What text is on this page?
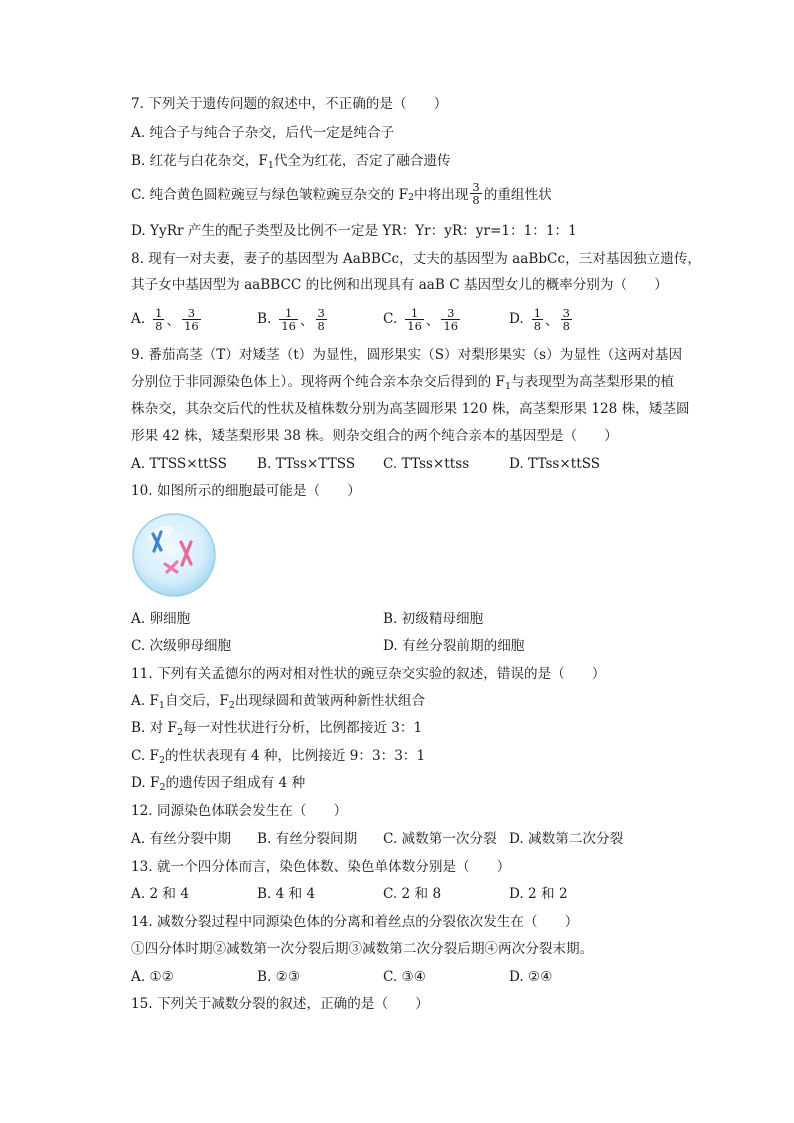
7. 下列关于遗传问题的叙述中，不正确的是（　　）
A. 纯合子与纯合子杂交，后代一定是纯合子
B. 红花与白花杂交，$F_1$代全为红花，否定了融合遗传
C. 纯合黄色圆粒豌豆与绿色皱粒豌豆杂交的 F 2 中将出现 $\frac{3}{8}$ 的重组性状
D. YyRr 产生的配子类型及比例不一定是 YR：Yr：yR：yr=1：1：1：1
8. 现有一对夫妻，妻子的基因型为 AaBBCc，丈夫的基因型为 aaBbCc，三对基因独立遗传，
其子女中基因型为 aaBBCC 的比例和出现具有 aaB C 基因型女儿的概率分别为（　　）
A. $\frac{1}{8}$ 、 $\frac{3}{16}$	B. $\frac{1}{16}$ 、 $\frac{3}{8}$	C. $\frac{1}{16}$ 、 $\frac{3}{16}$	D. $\frac{1}{8}$ 、 $\frac{3}{8}$
9. 番茄高茎（T）对矮茎（t）为显性，圆形果实（S）对梨形果实（s）为显性（这两对基因
分别位于非同源染色体上）。现将两个纯合亲本杂交后得到的 $F_1$与表现型为高茎梨形果的植
株杂交，其杂交后代的性状及植株数分别为高茎圆形果 120 株，高茎梨形果 128 株，矮茎圆
形果 42 株，矮茎梨形果 38 株。则杂交组合的两个纯合亲本的基因型是（　　）
A. TTSS×ttSS B. TTss×TTSS C. TTss×ttss	D. TTss×ttSS
10. 如图所示的细胞最可能是（　　）
A. 卵细胞	B. 初级精母细胞
C. 次级卵母细胞	D. 有丝分裂前期的细胞
11. 下列有关孟德尔的两对相对性状的豌豆杂交实验的叙述，错误的是（　　）
A. $F_1$自交后，$F_2$出现绿圆和黄皱两种新性状组合
B. 对 $F_2$每一对性状进行分析，比例都接近 3：1
C. $F_2$的性状表现有 4 种，比例接近 9：3：3：1
D. $F_2$的遗传因子组成有 4 种
12. 同源染色体联会发生在（　　）
A. 有丝分裂中期 B. 有丝分裂间期 C. 减数第一次分裂 D. 减数第二次分裂
13. 就一个四分体而言，染色体数、染色单体数分别是（　　）
A. 2 和 4	B. 4 和 4	C. 2 和 8	D. 2 和 2
14. 减数分裂过程中同源染色体的分离和着丝点的分裂依次发生在（　　）
①四分体时期②减数第一次分裂后期③减数第二次分裂后期④两次分裂末期。
A. ①②	B. ②③	C. ③④	D. ②④
15. 下列关于减数分裂的叙述，正确的是（　　）
